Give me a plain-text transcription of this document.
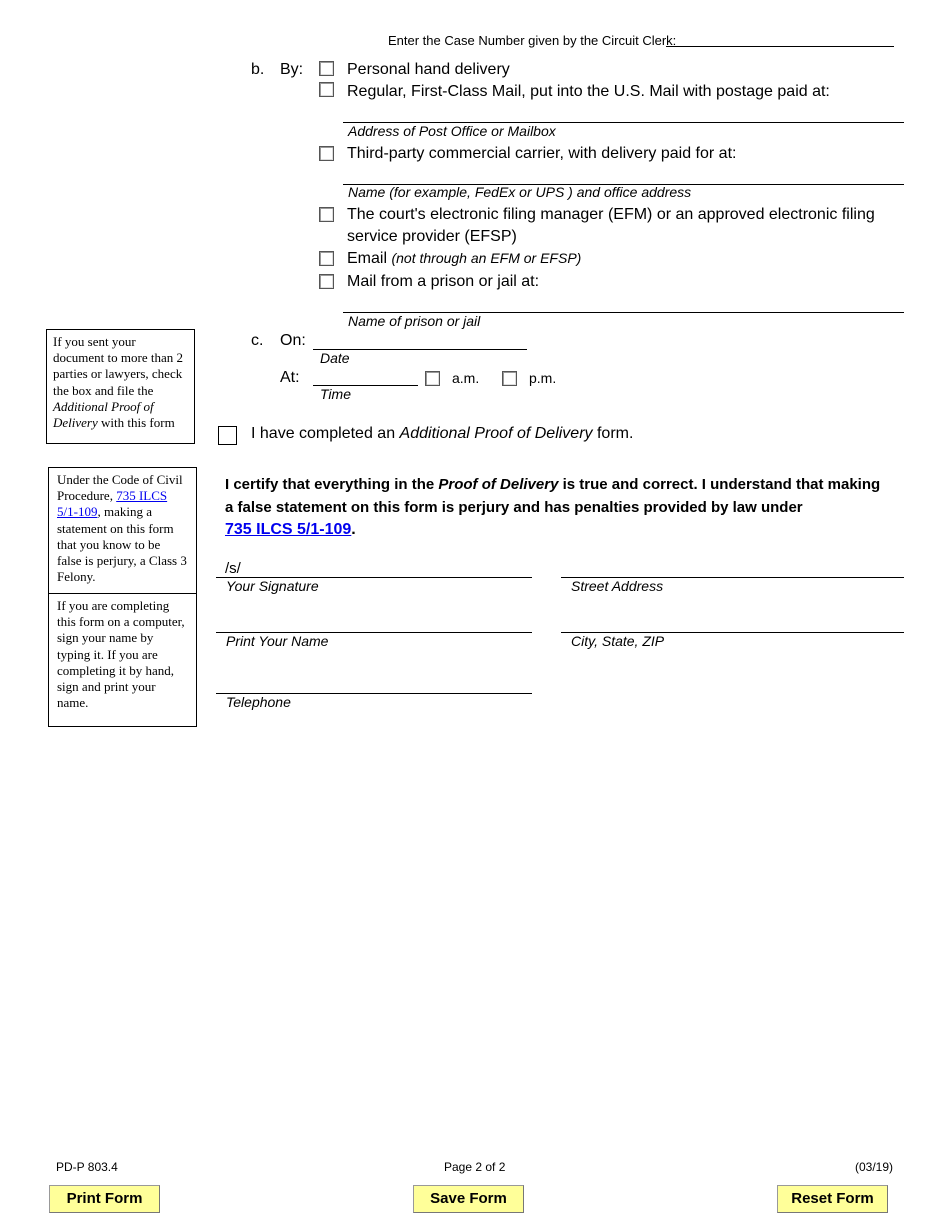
Enter the Case Number given by the Circuit Clerk:
b. By:	Personal hand delivery
Regular, First-Class Mail, put into the U.S. Mail with postage paid at:
Address of Post Office or Mailbox
Third-party commercial carrier, with delivery paid for at:
Name (for example, FedEx or UPS ) and office address
The court's electronic filing manager (EFM) or an approved electronic filing
service provider (EFSP)
Email (not through an EFM or EFSP)
Mail from a prison or jail at:
Name of prison or jail
If you sent your document to more than 2 parties or lawyers, check the box and file the Additional Proof of Delivery with this form
c. On:
Date
At:
Time
a.m.	p.m.
I have completed an Additional Proof of Delivery form.
Under the Code of Civil Procedure, 735 ILCS 5/1-109, making a statement on this form that you know to be false is perjury, a Class 3 Felony.
If you are completing this form on a computer, sign your name by typing it. If you are completing it by hand, sign and print your name.
I certify that everything in the Proof of Delivery is true and correct. I understand that making
a false statement on this form is perjury and has penalties provided by law under
735 ILCS 5/1-109.
/s/
Your Signature	Street Address
Print Your Name	City, State, ZIP
Telephone
PD-P 803.4	Page 2 of 2	(03/19)
Print Form	Save Form	Reset Form
